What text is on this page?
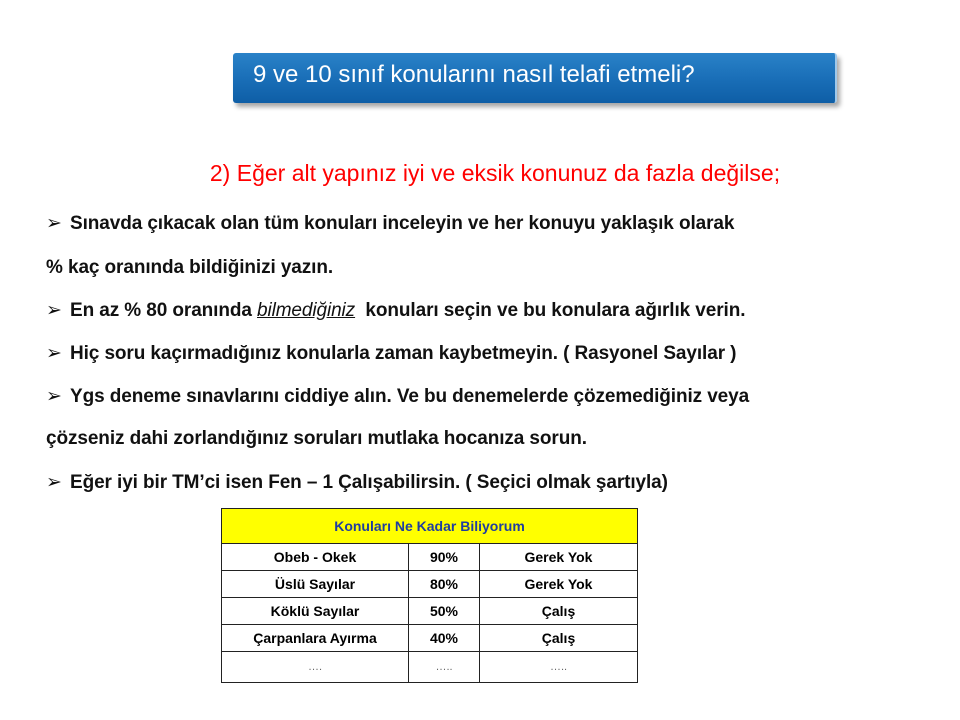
9 ve 10 sınıf konularını nasıl telafi etmeli?
2) Eğer alt yapınız iyi ve eksik konunuz da fazla değilse;
➢ Sınavda çıkacak olan tüm konuları inceleyin ve her konuyu yaklaşık olarak
% kaç oranında bildiğinizi yazın.
➢ En az % 80 oranında bilmediğiniz  konuları seçin ve bu konulara ağırlık verin.
➢ Hiç soru kaçırmadığınız konularla zaman kaybetmeyin. ( Rasyonel Sayılar )
➢ Ygs deneme sınavlarını ciddiye alın. Ve bu denemelerde çözemediğiniz veya
çözseniz dahi zorlandığınız soruları mutlaka hocanıza sorun.
➢ Eğer iyi bir TM’ci isen Fen – 1 Çalışabilirsin. ( Seçici olmak şartıyla)
Konuları Ne Kadar Biliyorum		
Obeb - Okek	90%	Gerek Yok
Üslü Sayılar	80%	Gerek Yok
Köklü Sayılar	50%	Çalış
Çarpanlara Ayırma	40%	Çalış
….	…..	…..
